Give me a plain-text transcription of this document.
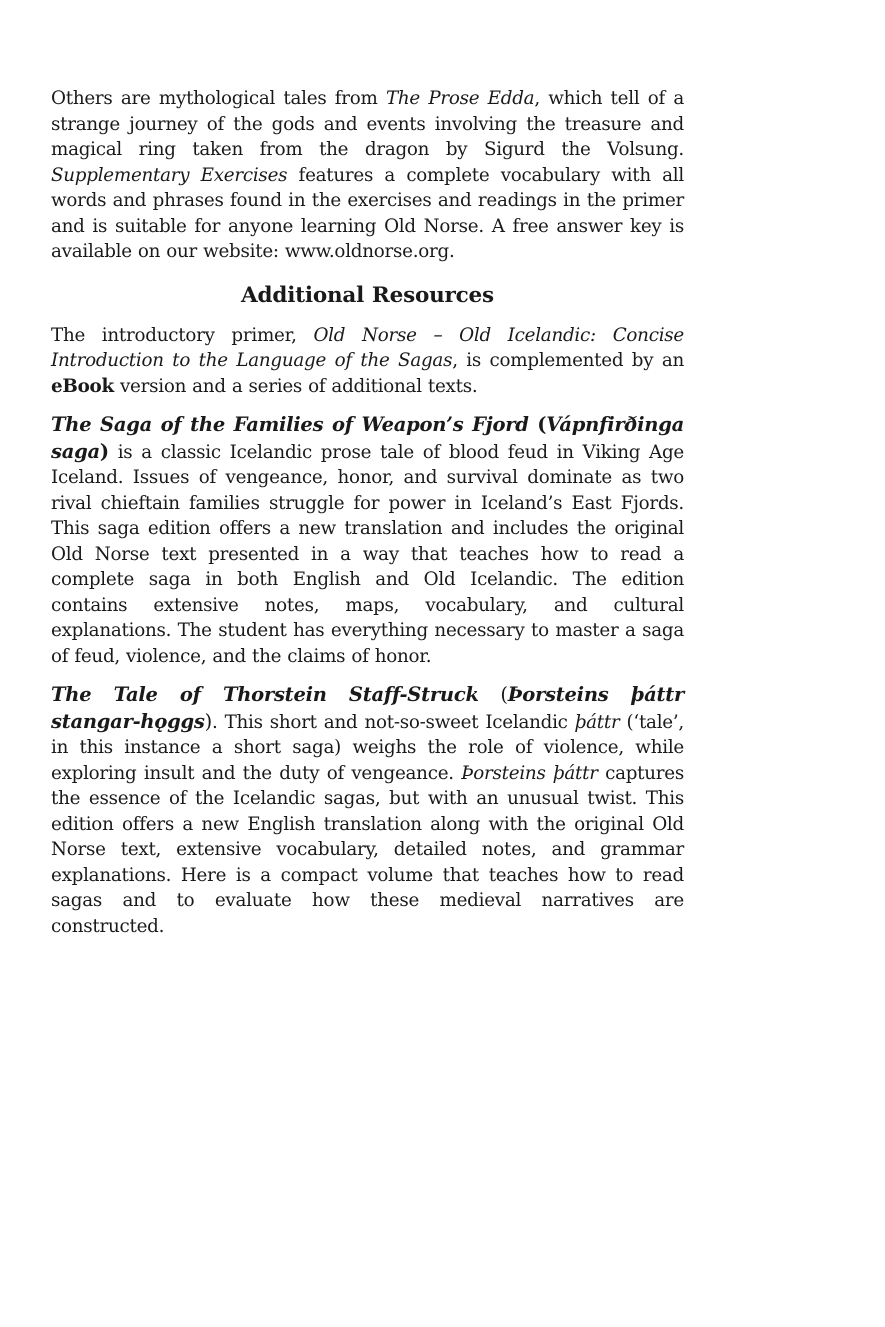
Others are mythological tales from The Prose Edda, which tell of a strange journey of the gods and events involving the treasure and magical ring taken from the dragon by Sigurd the Volsung. Supplementary Exercises features a complete vocabulary with all words and phrases found in the exercises and readings in the primer and is suitable for anyone learning Old Norse. A free answer key is available on our website: www.oldnorse.org.

Additional Resources

The introductory primer, Old Norse – Old Icelandic: Concise Introduction to the Language of the Sagas, is complemented by an eBook version and a series of additional texts.

The Saga of the Families of Weapon’s Fjord (Vápnfirðinga saga) is a classic Icelandic prose tale of blood feud in Viking Age Iceland. Issues of vengeance, honor, and survival dominate as two rival chieftain families struggle for power in Iceland’s East Fjords. This saga edition offers a new translation and includes the original Old Norse text presented in a way that teaches how to read a complete saga in both English and Old Icelandic. The edition contains extensive notes, maps, vocabulary, and cultural explanations. The student has everything necessary to master a saga of feud, violence, and the claims of honor.

The Tale of Thorstein Staff-Struck (Þorsteins þáttr stangar-hǫggs). This short and not-so-sweet Icelandic þáttr (‘tale’, in this instance a short saga) weighs the role of violence, while exploring insult and the duty of vengeance. Þorsteins þáttr captures the essence of the Icelandic sagas, but with an unusual twist. This edition offers a new English translation along with the original Old Norse text, extensive vocabulary, detailed notes, and grammar explanations. Here is a compact volume that teaches how to read sagas and to evaluate how these medieval narratives are constructed.
